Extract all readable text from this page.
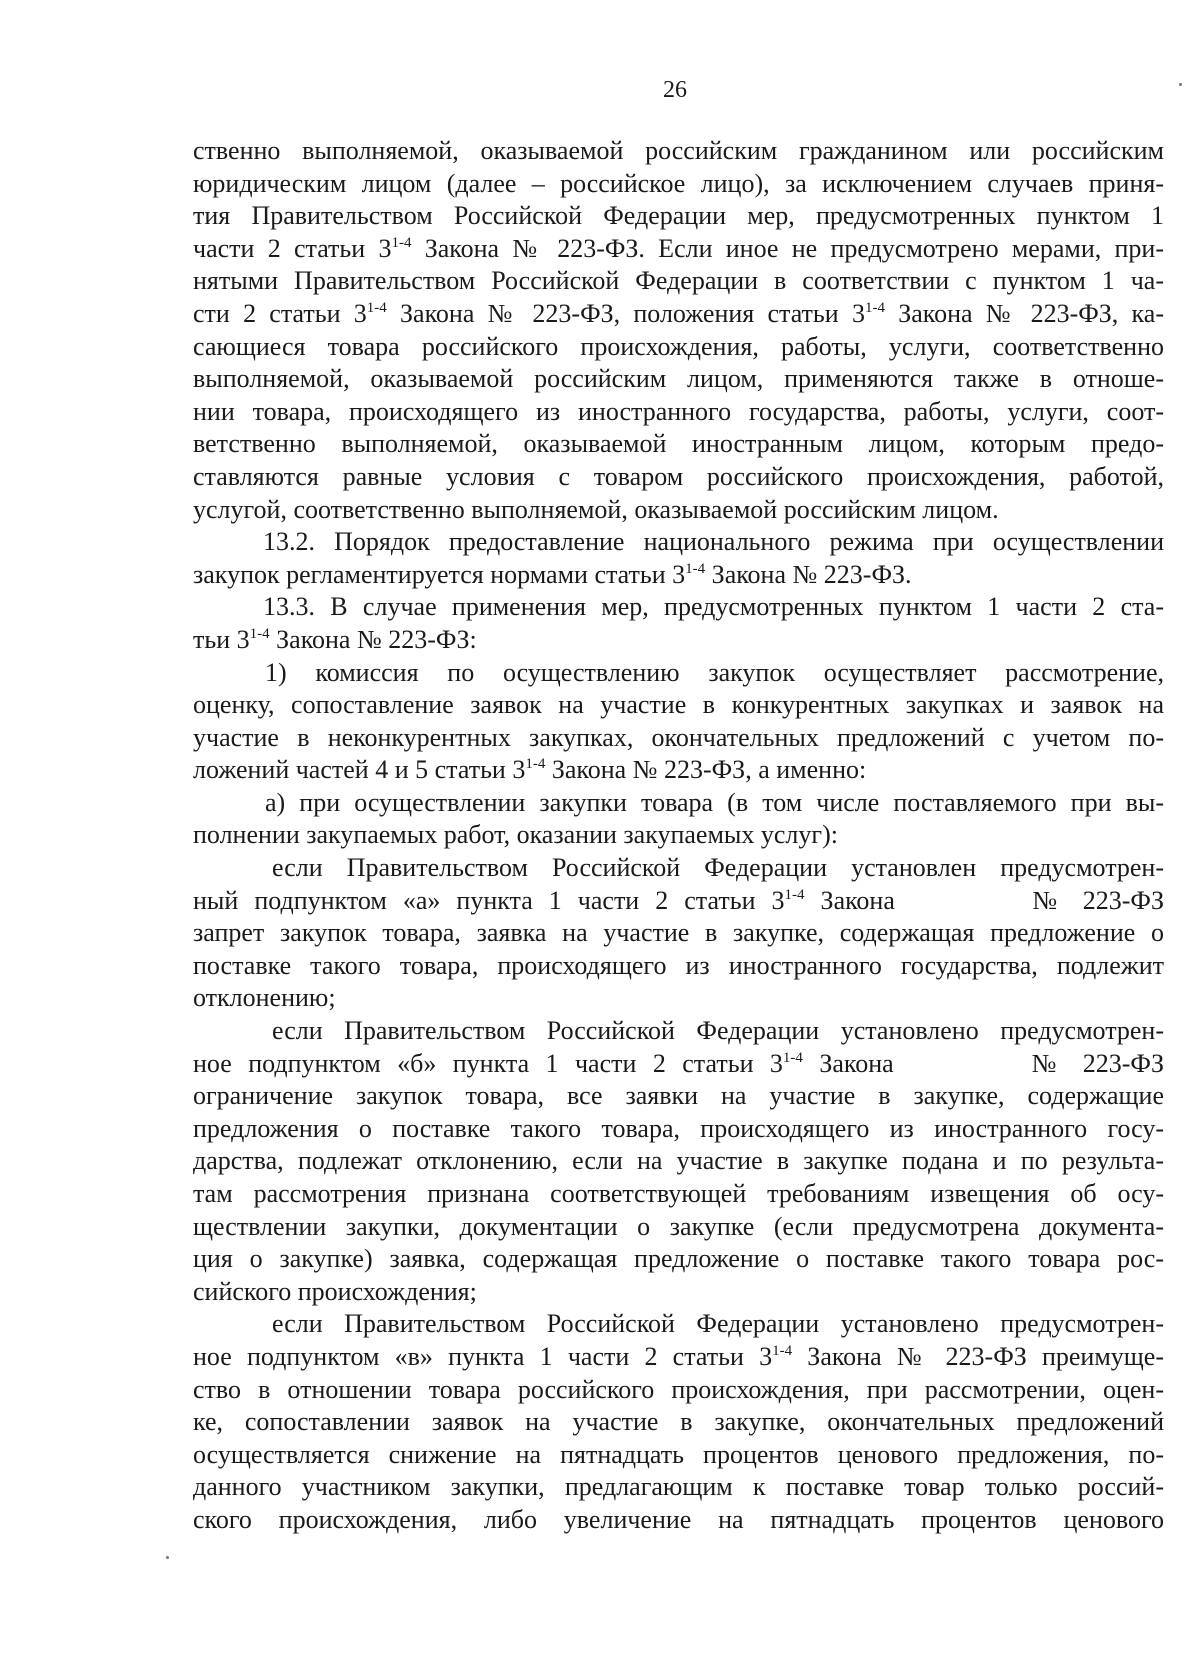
26
ственно выполняемой, оказываемой российским гражданином или российским
юридическим лицом (далее – российское лицо), за исключением случаев приня-
тия Правительством Российской Федерации мер, предусмотренных пунктом 1
части 2 статьи 3$^{1-4}$ Закона № 223-ФЗ. Если иное не предусмотрено мерами, при-
нятыми Правительством Российской Федерации в соответствии с пунктом 1 ча-
сти 2 статьи 3$^{1-4}$ Закона № 223-ФЗ, положения статьи 3$^{1-4}$ Закона № 223-ФЗ, ка-
сающиеся товара российского происхождения, работы, услуги, соответственно
выполняемой, оказываемой российским лицом, применяются также в отноше-
нии товара, происходящего из иностранного государства, работы, услуги, соот-
ветственно выполняемой, оказываемой иностранным лицом, которым предо-
ставляются равные условия с товаром российского происхождения, работой,
услугой, соответственно выполняемой, оказываемой российским лицом.
13.2. Порядок предоставление национального режима при осуществлении
закупок регламентируется нормами статьи 3$^{1-4}$ Закона № 223-ФЗ.
13.3. В случае применения мер, предусмотренных пунктом 1 части 2 ста-
тьи 3$^{1-4}$ Закона № 223-ФЗ:
1) комиссия по осуществлению закупок осуществляет рассмотрение,
оценку, сопоставление заявок на участие в конкурентных закупках и заявок на
участие в неконкурентных закупках, окончательных предложений с учетом по-
ложений частей 4 и 5 статьи 3$^{1-4}$ Закона № 223-ФЗ, а именно:
а) при осуществлении закупки товара (в том числе поставляемого при вы-
полнении закупаемых работ, оказании закупаемых услуг):
если Правительством Российской Федерации установлен предусмотрен-
ный подпунктом «а» пункта 1 части 2 статьи 3$^{1-4}$ Закона	№ 223-ФЗ
запрет закупок товара, заявка на участие в закупке, содержащая предложение о
поставке такого товара, происходящего из иностранного государства, подлежит
отклонению;
если Правительством Российской Федерации установлено предусмотрен-
ное подпунктом «б» пункта 1 части 2 статьи 3$^{1-4}$ Закона	№ 223-ФЗ
ограничение закупок товара, все заявки на участие в закупке, содержащие
предложения о поставке такого товара, происходящего из иностранного госу-
дарства, подлежат отклонению, если на участие в закупке подана и по результа-
там рассмотрения признана соответствующей требованиям извещения об осу-
ществлении закупки, документации о закупке (если предусмотрена документа-
ция о закупке) заявка, содержащая предложение о поставке такого товара рос-
сийского происхождения;
если Правительством Российской Федерации установлено предусмотрен-
ное подпунктом «в» пункта 1 части 2 статьи 3$^{1-4}$ Закона № 223-ФЗ преимуще-
ство в отношении товара российского происхождения, при рассмотрении, оцен-
ке, сопоставлении заявок на участие в закупке, окончательных предложений
осуществляется снижение на пятнадцать процентов ценового предложения, по-
данного участником закупки, предлагающим к поставке товар только россий-
ского происхождения, либо увеличение на пятнадцать процентов ценового
